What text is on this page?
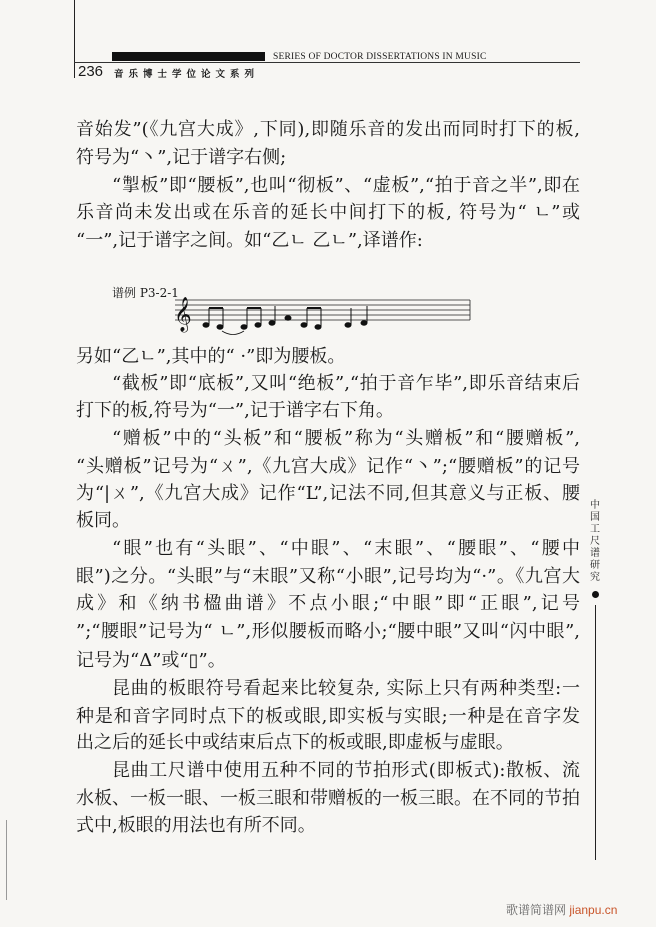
SERIES OF DOCTOR DISSERTATIONS IN MUSIC
236 音乐博士学位论文系列
音始发”(《九宫大成》,下同),即随乐音的发出而同时打下的板,
符号为“丶”,记于谱字右侧;
“掣板”即“腰板”,也叫“彻板”、“虚板”,“拍于音之半”,即在
乐音尚未发出或在乐音的延长中间打下的板, 符号为“ ㄴ”或
“一”,记于谱字之间。如“乙ㄴ 乙ㄴ”,译谱作:
另如“乙ㄴ”,其中的“ ·”即为腰板。
“截板”即“底板”,又叫“绝板”,“拍于音乍毕”,即乐音结束后
打下的板,符号为“一”,记于谱字右下角。
“赠板”中的“头板”和“腰板”称为“头赠板”和“腰赠板”,
“头赠板”记号为“ㄨ”,《九宫大成》记作“丶”;“腰赠板”的记号
为“|ㄨ”,《九宫大成》记作“L”,记法不同,但其意义与正板、腰
板同。
“眼”也有“头眼”、“中眼”、“末眼”、“腰眼”、“腰中
眼”)之分。“头眼”与“末眼”又称“小眼”,记号均为“·”。《九宫大
成》和《纳书楹曲谱》不点小眼;“中眼”即“正眼”,记号
”;“腰眼”记号为“ ㄴ”,形似腰板而略小;“腰中眼”又叫“闪中眼”,
记号为“Δ”或“▯”。
昆曲的板眼符号看起来比较复杂, 实际上只有两种类型:一
种是和音字同时点下的板或眼,即实板与实眼;一种是在音字发
出之后的延长中或结束后点下的板或眼,即虚板与虚眼。
昆曲工尺谱中使用五种不同的节拍形式(即板式):散板、流
水板、一板一眼、一板三眼和带赠板的一板三眼。在不同的节拍
式中,板眼的用法也有所不同。
谱例 P3-2-1
𝄞
中国工尺谱研究
歌谱简谱网 jianpu.cn
